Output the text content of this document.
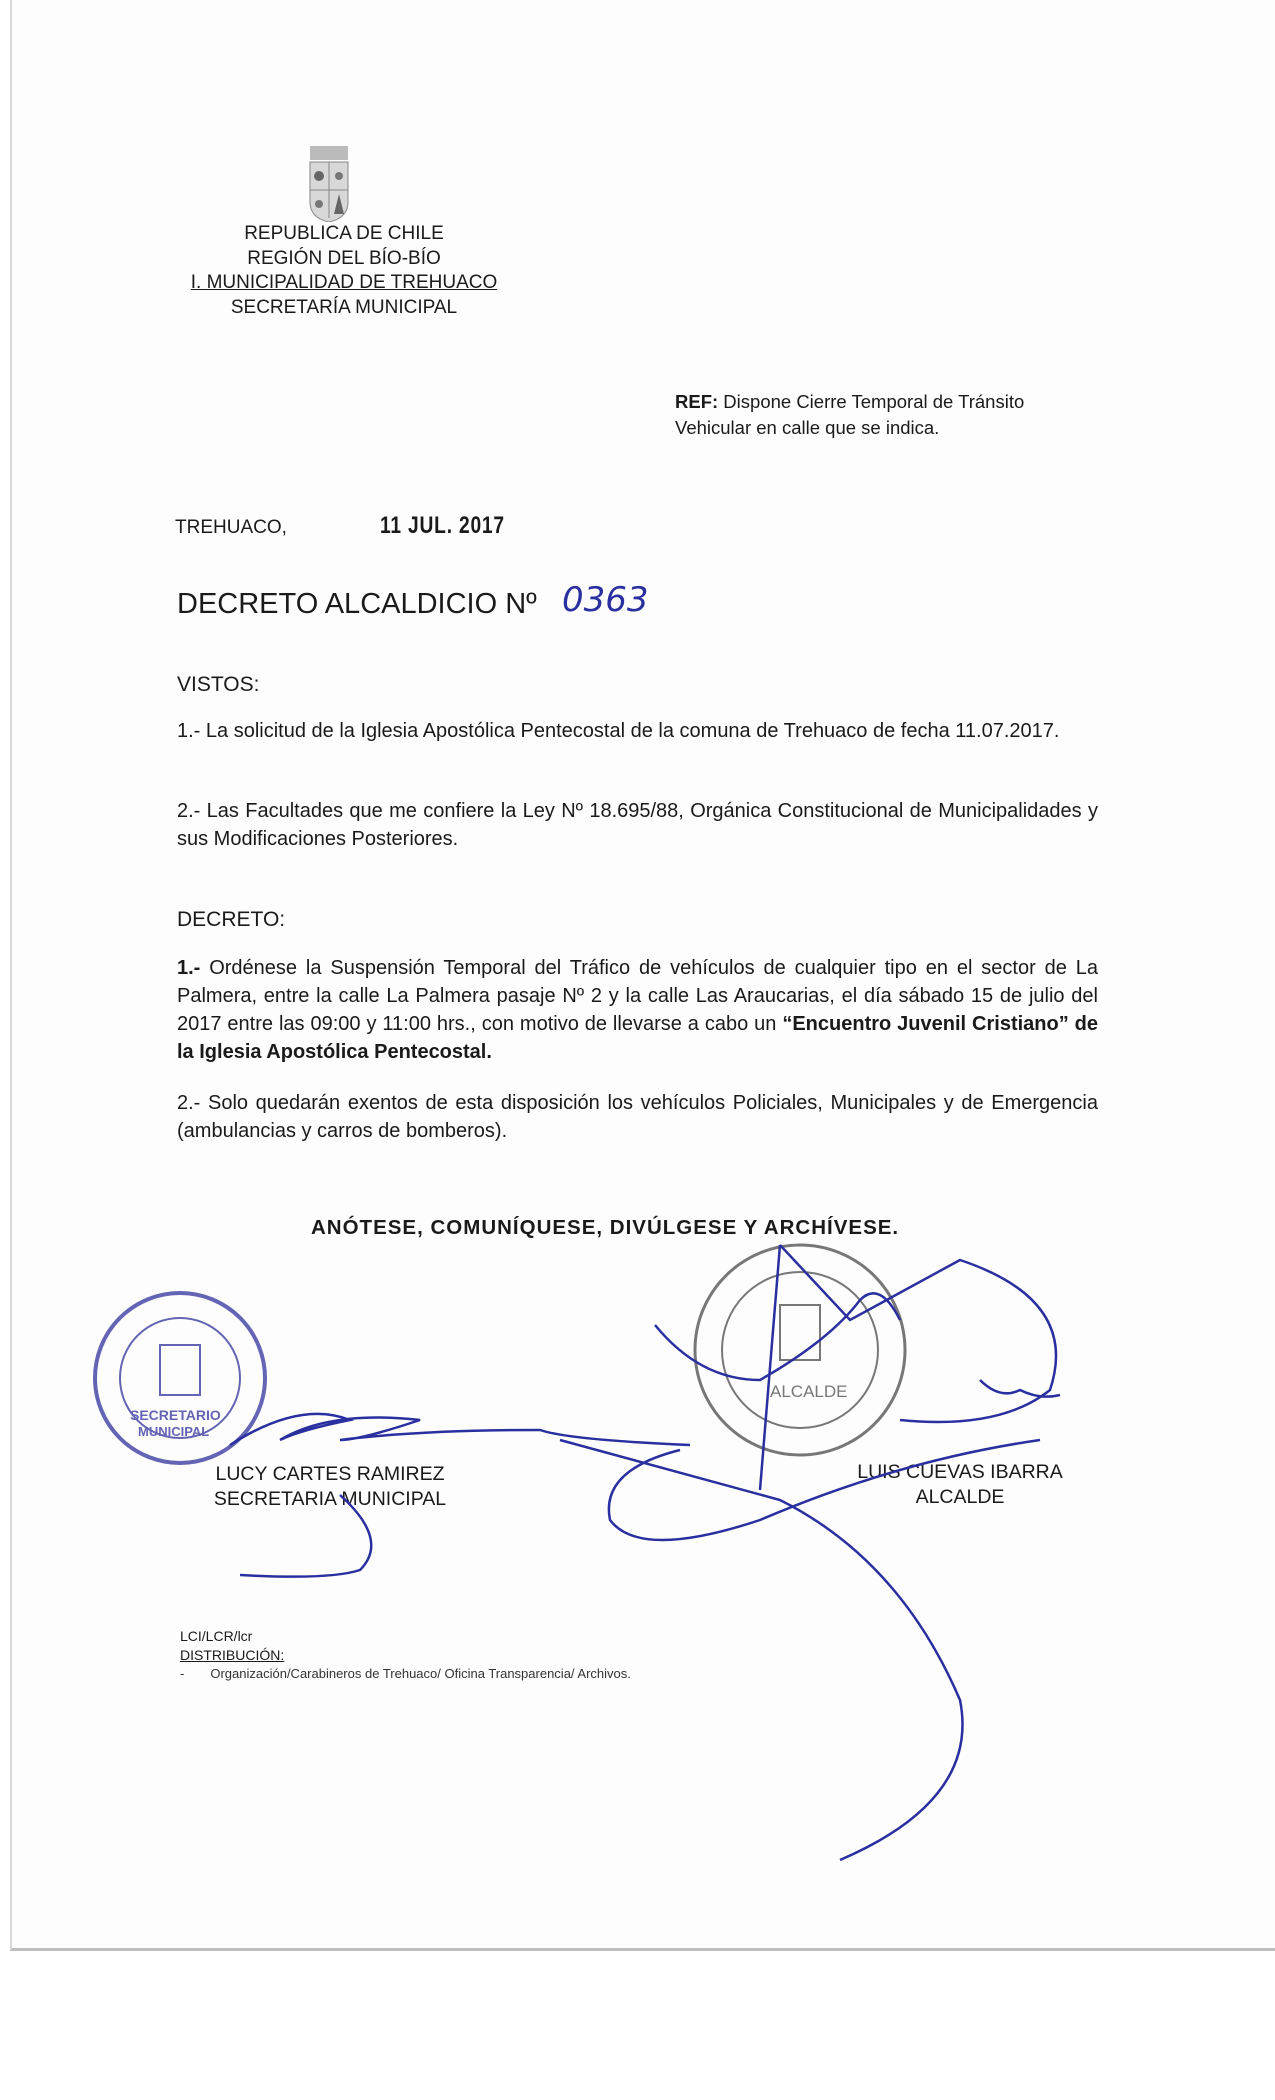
REPUBLICA DE CHILE
REGIÓN DEL BÍO-BÍO
I. MUNICIPALIDAD DE TREHUACO
SECRETARÍA MUNICIPAL
REF: Dispone Cierre Temporal de Tránsito Vehicular en calle que se indica.
TREHUACO,	11 JUL. 2017
DECRETO ALCALDICIO Nº 0363
VISTOS:
1.- La solicitud de la Iglesia Apostólica Pentecostal de la comuna de Trehuaco de fecha 11.07.2017.
2.- Las Facultades que me confiere la Ley Nº 18.695/88, Orgánica Constitucional de Municipalidades y sus Modificaciones Posteriores.
DECRETO:
1.- Ordénese la Suspensión Temporal del Tráfico de vehículos de cualquier tipo en el sector de La Palmera, entre la calle La Palmera pasaje Nº 2 y la calle Las Araucarias, el día sábado 15 de julio del 2017 entre las 09:00 y 11:00 hrs., con motivo de llevarse a cabo un “Encuentro Juvenil Cristiano” de la Iglesia Apostólica Pentecostal.
2.- Solo quedarán exentos de esta disposición los vehículos Policiales, Municipales y de Emergencia (ambulancias y carros de bomberos).
ANÓTESE, COMUNÍQUESE, DIVÚLGESE Y ARCHÍVESE.
LUCY CARTES RAMIREZ
SECRETARIA MUNICIPAL
LUIS CUEVAS IBARRA
ALCALDE
SECRETARIO
MUNICIPAL
ALCALDE
LCI/LCR/lcr
DISTRIBUCIÓN:
- Organización/Carabineros de Trehuaco/ Oficina Transparencia/ Archivos.
